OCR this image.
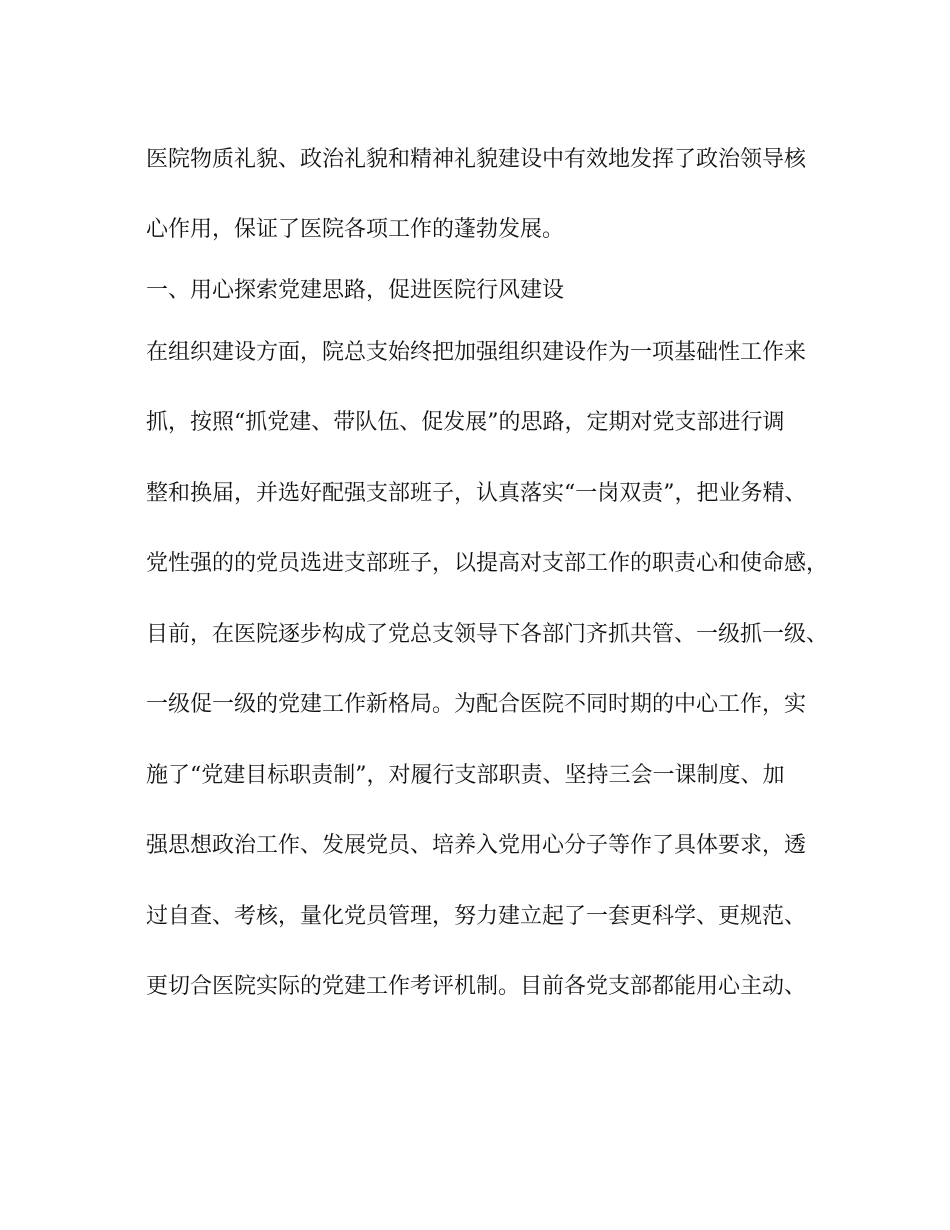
医院物质礼貌、政治礼貌和精神礼貌建设中有效地发挥了政治领导核

心作用，保证了医院各项工作的蓬勃发展。

一、用心探索党建思路，促进医院行风建设

在组织建设方面，院总支始终把加强组织建设作为一项基础性工作来

抓，按照“抓党建、带队伍、促发展”的思路，定期对党支部进行调

整和换届，并选好配强支部班子，认真落实“一岗双责”，把业务精、

党性强的的党员选进支部班子，以提高对支部工作的职责心和使命感，

目前，在医院逐步构成了党总支领导下各部门齐抓共管、一级抓一级、

一级促一级的党建工作新格局。为配合医院不同时期的中心工作，实

施了“党建目标职责制”，对履行支部职责、坚持三会一课制度、加

强思想政治工作、发展党员、培养入党用心分子等作了具体要求，透

过自查、考核，量化党员管理，努力建立起了一套更科学、更规范、

更切合医院实际的党建工作考评机制。目前各党支部都能用心主动、
